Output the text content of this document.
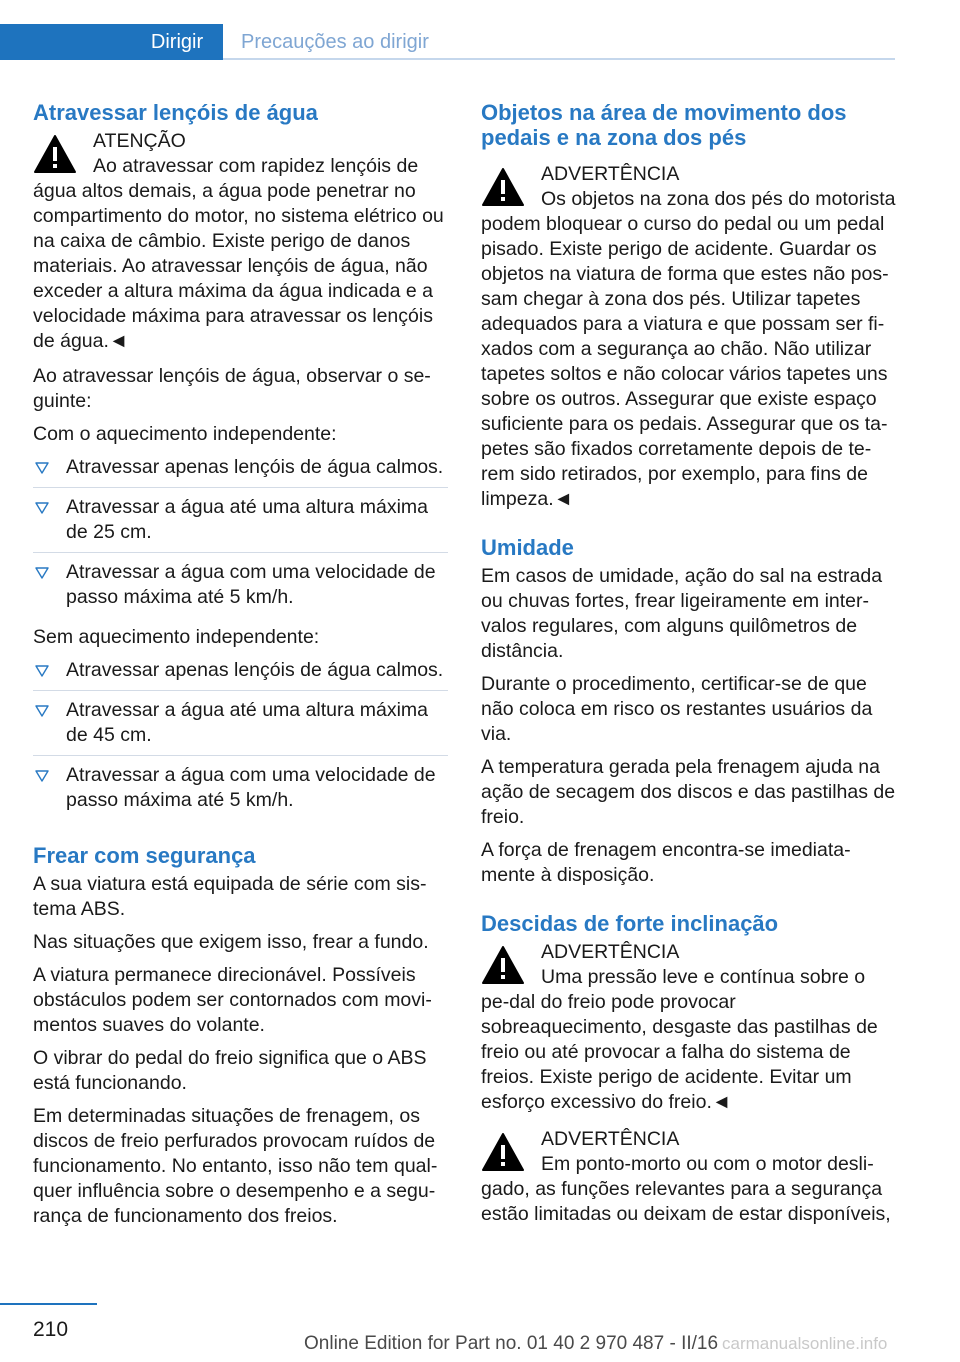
Dirigir	Precauções ao dirigir
Atravessar lençóis de água
ATENÇÃO
Ao atravessar com rapidez lençóis de água altos demais, a água pode penetrar no compartimento do motor, no sistema elétrico ou na caixa de câmbio. Existe perigo de danos materiais. Ao atravessar lençóis de água, não exceder a altura máxima da água indicada e a velocidade máxima para atravessar os lençóis de água.◄

Ao atravessar lençóis de água, observar o se‐guinte:

Com o aquecimento independente:

Atravessar apenas lençóis de água calmos.
Atravessar a água até uma altura máxima de 25 cm.
Atravessar a água com uma velocidade de passo máxima até 5 km/h.

Sem aquecimento independente:

Atravessar apenas lençóis de água calmos.
Atravessar a água até uma altura máxima de 45 cm.
Atravessar a água com uma velocidade de passo máxima até 5 km/h.
Frear com segurança

A sua viatura está equipada de série com sis‐tema ABS.

Nas situações que exigem isso, frear a fundo.

A viatura permanece direcionável. Possíveis obstáculos podem ser contornados com movi‐mentos suaves do volante.

O vibrar do pedal do freio significa que o ABS está funcionando.

Em determinadas situações de frenagem, os discos de freio perfurados provocam ruídos de funcionamento. No entanto, isso não tem qual‐quer influência sobre o desempenho e a segu‐rança de funcionamento dos freios.

Objetos na área de movimento dos pedais e na zona dos pés
ADVERTÊNCIA
Os objetos na zona dos pés do motorista podem bloquear o curso do pedal ou um pedal pisado. Existe perigo de acidente. Guardar os objetos na viatura de forma que estes não pos‐sam chegar à zona dos pés. Utilizar tapetes adequados para a viatura e que possam ser fi‐xados com a segurança ao chão. Não utilizar tapetes soltos e não colocar vários tapetes uns sobre os outros. Assegurar que existe espaço suficiente para os pedais. Assegurar que os ta‐petes são fixados corretamente depois de te‐rem sido retirados, por exemplo, para fins de limpeza.◄
Umidade

Em casos de umidade, ação do sal na estrada ou chuvas fortes, frear ligeiramente em inter‐valos regulares, com alguns quilômetros de distância.

Durante o procedimento, certificar-se de que não coloca em risco os restantes usuários da via.

A temperatura gerada pela frenagem ajuda na ação de secagem dos discos e das pastilhas de freio.

A força de frenagem encontra-se imediata‐mente à disposição.

Descidas de forte inclinação
ADVERTÊNCIA
Uma pressão leve e contínua sobre o pe‐dal do freio pode provocar sobreaquecimento, desgaste das pastilhas de freio ou até provocar a falha do sistema de freios. Existe perigo de acidente. Evitar um esforço excessivo do freio.◄
ADVERTÊNCIA
Em ponto-morto ou com o motor desli‐gado, as funções relevantes para a segurança estão limitadas ou deixam de estar disponíveis,
210
Online Edition for Part no. 01 40 2 970 487 - II/16 carmanualsonline.info
